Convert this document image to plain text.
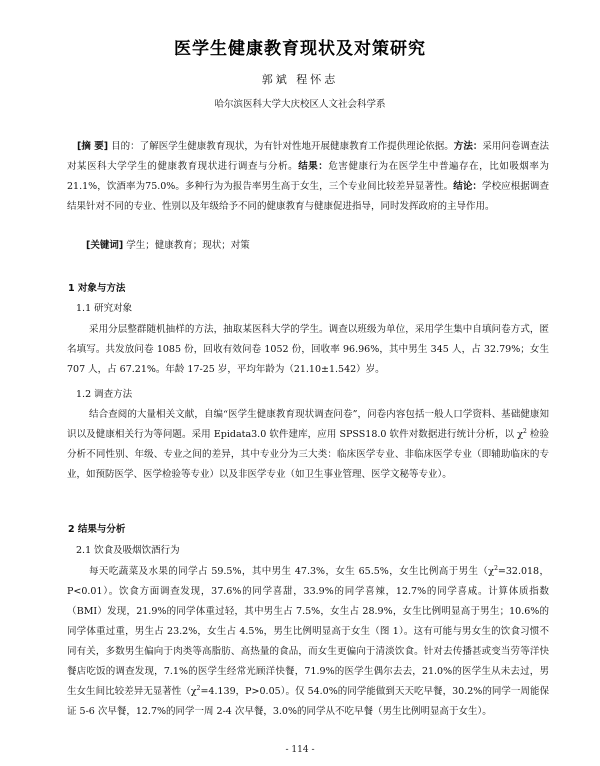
医学生健康教育现状及对策研究
郭斌 程怀志
哈尔滨医科大学大庆校区人文社会科学系
[摘 要] 目的：了解医学生健康教育现状，为有针对性地开展健康教育工作提供理论依据。方法：采用问卷调查法对某医科大学学生的健康教育现状进行调查与分析。结果：危害健康行为在医学生中普遍存在，比如吸烟率为21.1%，饮酒率为75.0%。多种行为为报告率男生高于女生，三个专业间比较差异显著性。结论：学校应根据调查结果针对不同的专业、性别以及年级给予不同的健康教育与健康促进指导，同时发挥政府的主导作用。
[关键词] 学生；健康教育；现状；对策
1 对象与方法
1.1 研究对象
采用分层整群随机抽样的方法，抽取某医科大学的学生。调查以班级为单位，采用学生集中自填问卷方式，匿名填写。共发放问卷 1085 份，回收有效问卷 1052 份，回收率 96.96%，其中男生 345 人，占 32.79%；女生 707 人，占 67.21%。年龄 17-25 岁，平均年龄为（21.10±1.542）岁。
1.2 调查方法
结合查阅的大量相关文献，自编“医学生健康教育现状调查问卷”，问卷内容包括一般人口学资料、基础健康知识以及健康相关行为等问题。采用 Epidata3.0 软件建库，应用 SPSS18.0 软件对数据进行统计分析，以 $\chi^2$ 检验分析不同性别、年级、专业之间的差异，其中专业分为三大类：临床医学专业、非临床医学专业（即辅助临床的专业，如预防医学、医学检验等专业）以及非医学专业（如卫生事业管理、医学文秘等专业）。
2 结果与分析
2.1 饮食及吸烟饮酒行为
每天吃蔬菜及水果的同学占 59.5%，其中男生 47.3%，女生 65.5%，女生比例高于男生（$\chi^2=32.018$，P<0.01）。饮食方面调查发现，37.6%的同学喜甜，33.9%的同学喜辣，12.7%的同学喜咸。计算体质指数（BMI）发现，21.9%的同学体重过轻，其中男生占 7.5%，女生占 28.9%，女生比例明显高于男生；10.6%的同学体重过重，男生占 23.2%，女生占 4.5%，男生比例明显高于女生（图 1）。这有可能与男女生的饮食习惯不同有关，多数男生偏向于肉类等高脂肪、高热量的食品，而女生更偏向于清淡饮食。针对去传播甚或变当劳等洋快餐店吃饭的调查发现，7.1%的医学生经常光顾洋快餐，71.9%的医学生偶尔去去，21.0%的医学生从未去过，男生女生间比较差异无显著性（$\chi^2=4.139$，P>0.05）。仅 54.0%的同学能做到天天吃早餐，30.2%的同学一周能保证 5-6 次早餐，12.7%的同学一周 2-4 次早餐，3.0%的同学从不吃早餐（男生比例明显高于女生）。
- 114 -
